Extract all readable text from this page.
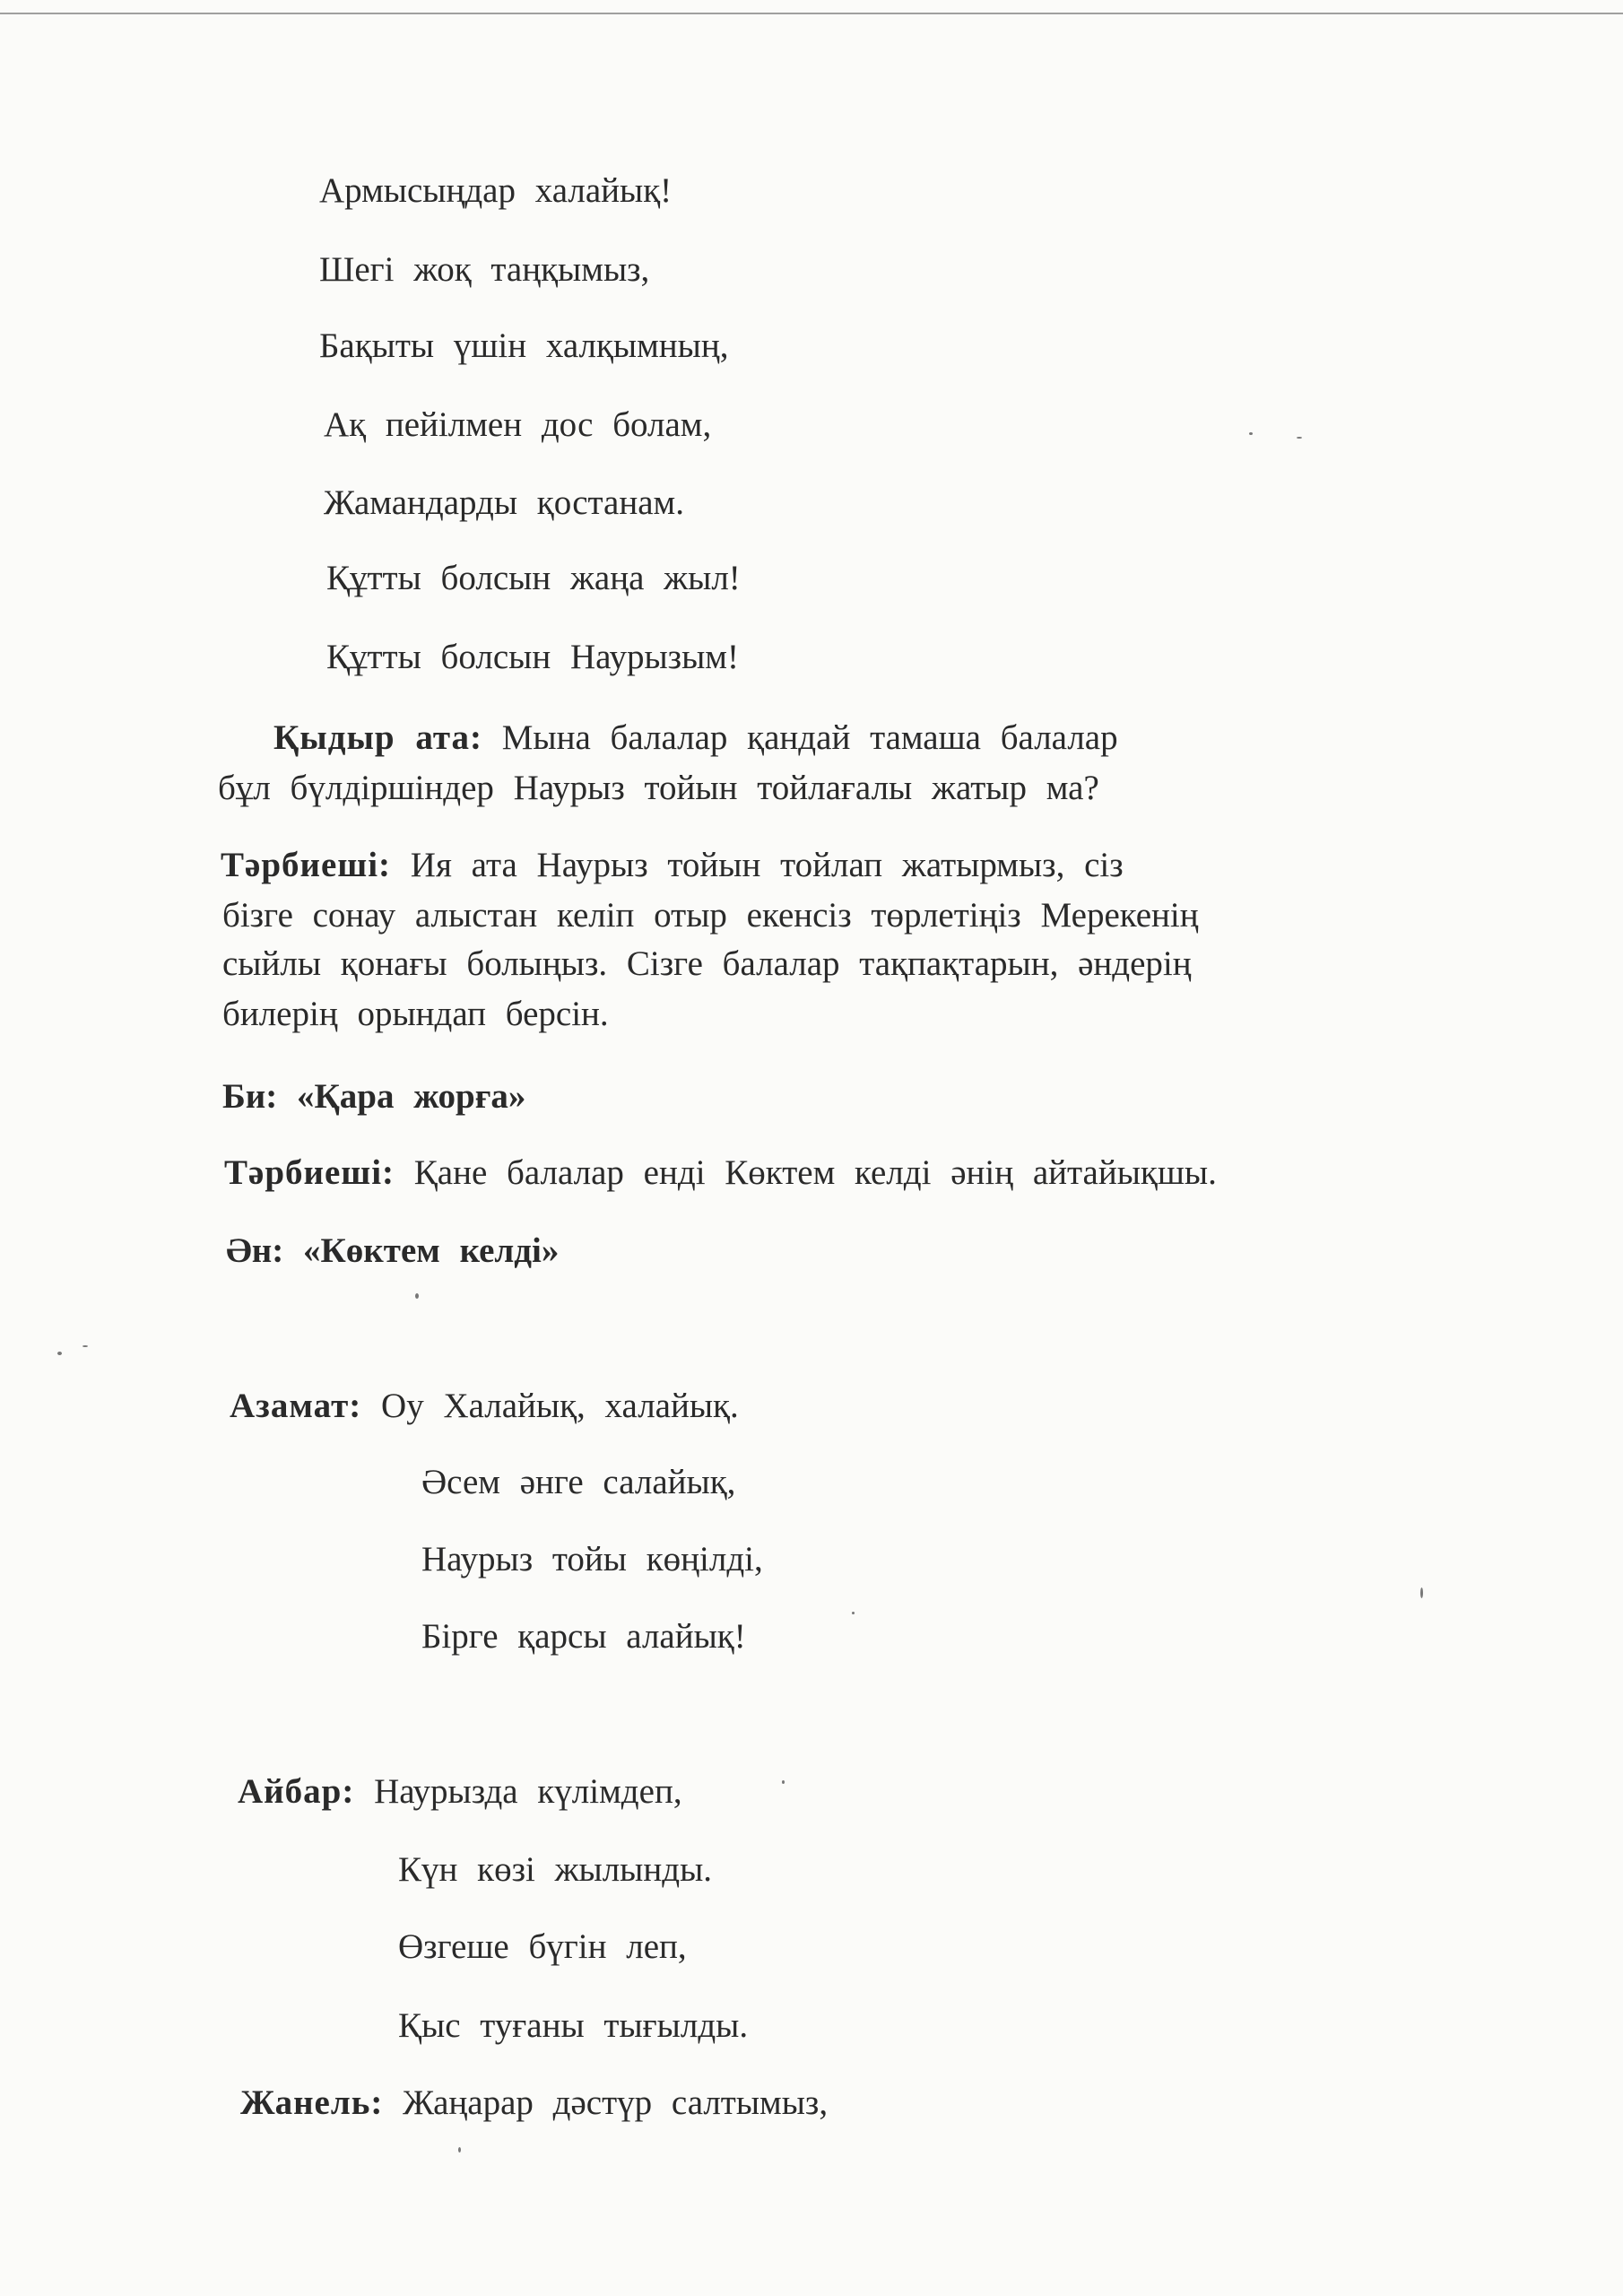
Армысыңдар халайық!
Шегі жоқ таңқымыз,
Бақыты үшін халқымның,
Ақ пейілмен дос болам,
Жамандарды қостанам.
Құтты болсын жаңа жыл!
Құтты болсын Наурызым!
Қыдыр ата: Мына балалар қандай тамаша балалар
бұл бүлдіршіндер Наурыз тойын тойлағалы жатыр ма?
Тәрбиеші: Ия ата Наурыз тойын тойлап жатырмыз, сіз
бізге сонау алыстан келіп отыр екенсіз төрлетіңіз Мерекенің
сыйлы қонағы болыңыз. Сізге балалар тақпақтарын, әндерің
билерің орындап берсін.
Би: «Қара жорға»
Тәрбиеші: Қане балалар енді Көктем келді әнің айтайықшы.
Ән: «Көктем келді»
Азамат: Оу Халайық, халайық.
Әсем әнге салайық,
Наурыз тойы көңілді,
Бірге қарсы алайық!
Айбар: Наурызда күлімдеп,
Күн көзі жылынды.
Өзгеше бүгін леп,
Қыс туғаны тығылды.
Жанель: Жаңарар дәстүр салтымыз,
